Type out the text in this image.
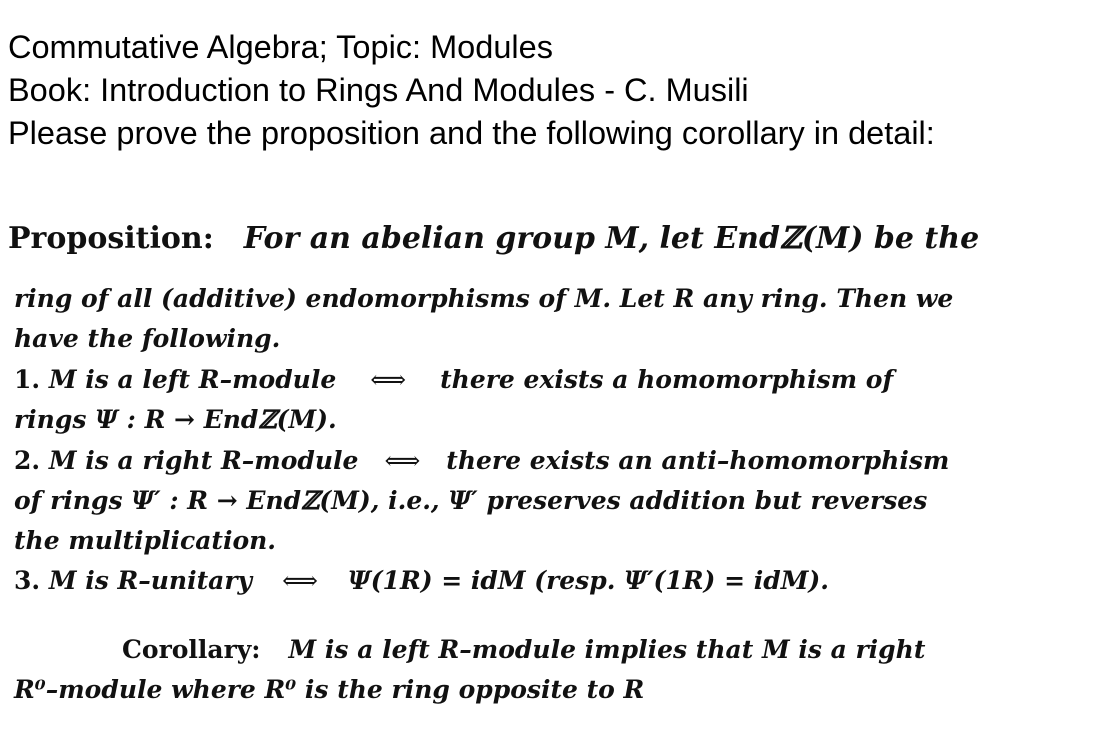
Commutative Algebra; Topic: Modules
Book: Introduction to Rings And Modules - C. Musili
Please prove the proposition and the following corollary in detail:
Proposition: For an abelian group M, let Endℤ(M) be the
ring of all (additive) endomorphisms of M. Let R any ring. Then we
have the following.
1. M is a left R–module ⟺ there exists a homomorphism of
rings Ψ : R → Endℤ(M).
2. M is a right R–module ⟺ there exists an anti–homomorphism
of rings Ψ′ : R → Endℤ(M), i.e., Ψ′ preserves addition but reverses
the multiplication.
3. M is R–unitary ⟺ Ψ(1R) = idM (resp. Ψ′(1R) = idM).
Corollary: M is a left R–module implies that M is a right
R⁰–module where R⁰ is the ring opposite to R
